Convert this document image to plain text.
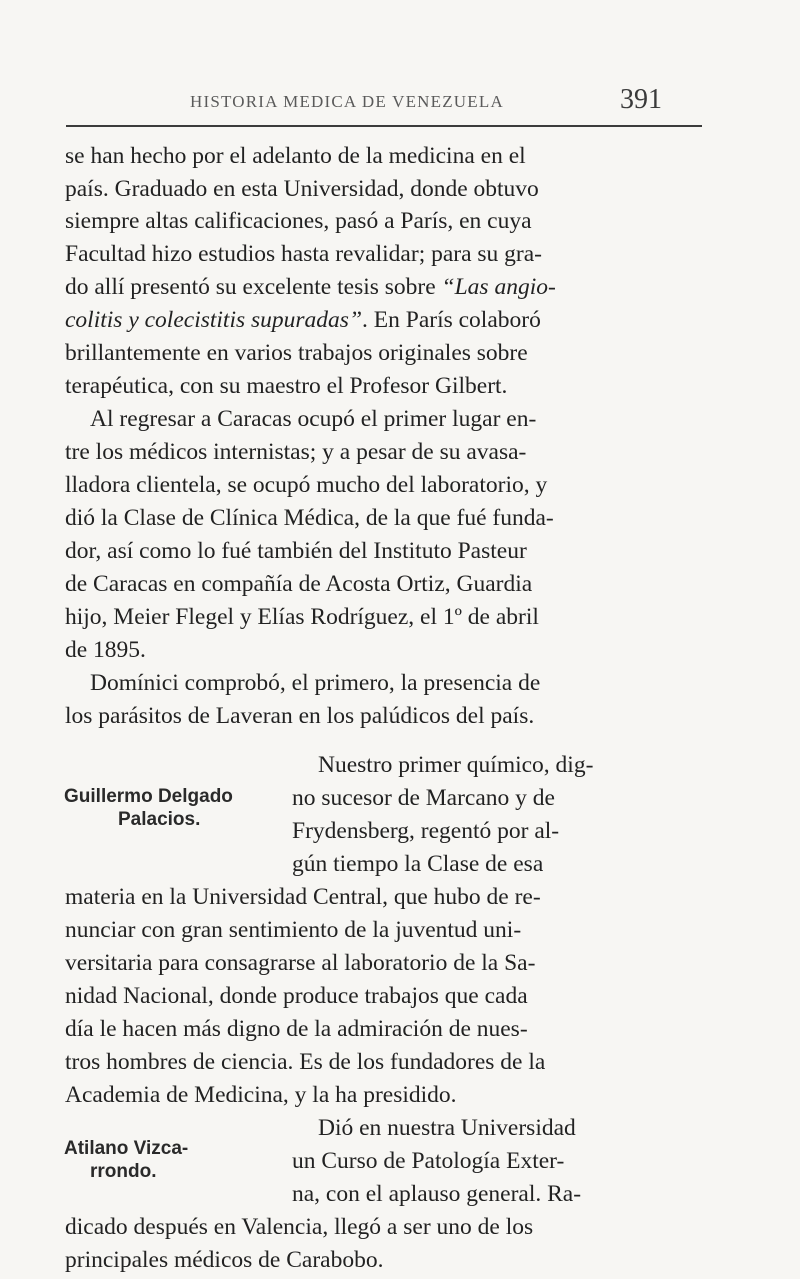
HISTORIA MEDICA DE VENEZUELA	391
se han hecho por el adelanto de la medicina en el
país. Graduado en esta Universidad, donde obtuvo
siempre altas calificaciones, pasó a París, en cuya
Facultad hizo estudios hasta revalidar; para su gra-
do allí presentó su excelente tesis sobre “Las angio-
colitis y colecistitis supuradas”. En París colaboró
brillantemente en varios trabajos originales sobre
terapéutica, con su maestro el Profesor Gilbert.
Al regresar a Caracas ocupó el primer lugar en-
tre los médicos internistas; y a pesar de su avasa-
lladora clientela, se ocupó mucho del laboratorio, y
dió la Clase de Clínica Médica, de la que fué funda-
dor, así como lo fué también del Instituto Pasteur
de Caracas en compañía de Acosta Ortiz, Guardia
hijo, Meier Flegel y Elías Rodríguez, el 1º de abril
de 1895.
Domínici comprobó, el primero, la presencia de
los parásitos de Laveran en los palúdicos del país.
Guillermo Delgado
Palacios.
Nuestro primer químico, dig-
no sucesor de Marcano y de
Frydensberg, regentó por al-
gún tiempo la Clase de esa
materia en la Universidad Central, que hubo de re-
nunciar con gran sentimiento de la juventud uni-
versitaria para consagrarse al laboratorio de la Sa-
nidad Nacional, donde produce trabajos que cada
día le hacen más digno de la admiración de nues-
tros hombres de ciencia. Es de los fundadores de la
Academia de Medicina, y la ha presidido.
Atilano Vizca-
rrondo.
Dió en nuestra Universidad
un Curso de Patología Exter-
na, con el aplauso general. Ra-
dicado después en Valencia, llegó a ser uno de los
principales médicos de Carabobo.
